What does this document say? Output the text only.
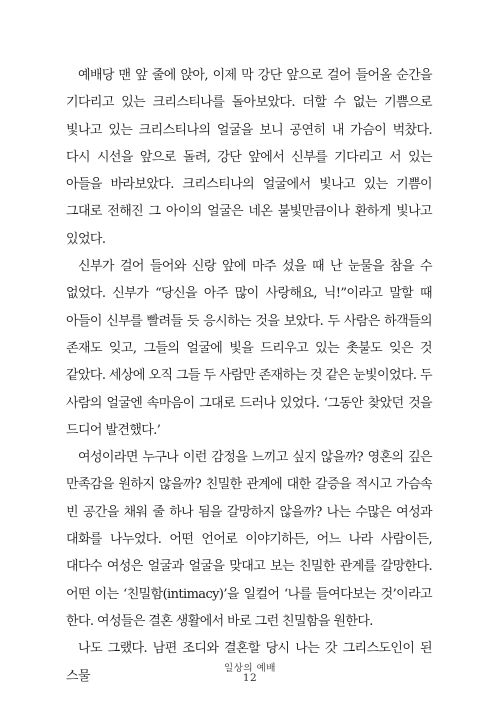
예배당 맨 앞 줄에 앉아, 이제 막 강단 앞으로 걸어 들어올 순간을 기다리고 있는 크리스티나를 돌아보았다. 더할 수 없는 기쁨으로 빛나고 있는 크리스티나의 얼굴을 보니 공연히 내 가슴이 벅찼다. 다시 시선을 앞으로 돌려, 강단 앞에서 신부를 기다리고 서 있는 아들을 바라보았다. 크리스티나의 얼굴에서 빛나고 있는 기쁨이 그대로 전해진 그 아이의 얼굴은 네온 불빛만큼이나 환하게 빛나고 있었다.

신부가 걸어 들어와 신랑 앞에 마주 섰을 때 난 눈물을 참을 수 없었다. 신부가 “당신을 아주 많이 사랑해요, 닉!”이라고 말할 때 아들이 신부를 빨려들 듯 응시하는 것을 보았다. 두 사람은 하객들의 존재도 잊고, 그들의 얼굴에 빛을 드리우고 있는 촛불도 잊은 것 같았다. 세상에 오직 그들 두 사람만 존재하는 것 같은 눈빛이었다. 두 사람의 얼굴엔 속마음이 그대로 드러나 있었다. ‘그동안 찾았던 것을 드디어 발견했다.’

여성이라면 누구나 이런 감정을 느끼고 싶지 않을까? 영혼의 깊은 만족감을 원하지 않을까? 친밀한 관계에 대한 갈증을 적시고 가슴속 빈 공간을 채워 줄 하나 됨을 갈망하지 않을까? 나는 수많은 여성과 대화를 나누었다. 어떤 언어로 이야기하든, 어느 나라 사람이든, 대다수 여성은 얼굴과 얼굴을 맞대고 보는 친밀한 관계를 갈망한다. 어떤 이는 ‘친밀함(intimacy)’을 일컬어 ‘나를 들여다보는 것’이라고 한다. 여성들은 결혼 생활에서 바로 그런 친밀함을 원한다.

나도 그랬다. 남편 조디와 결혼할 당시 나는 갓 그리스도인이 된 스물

일상의 예배
12
